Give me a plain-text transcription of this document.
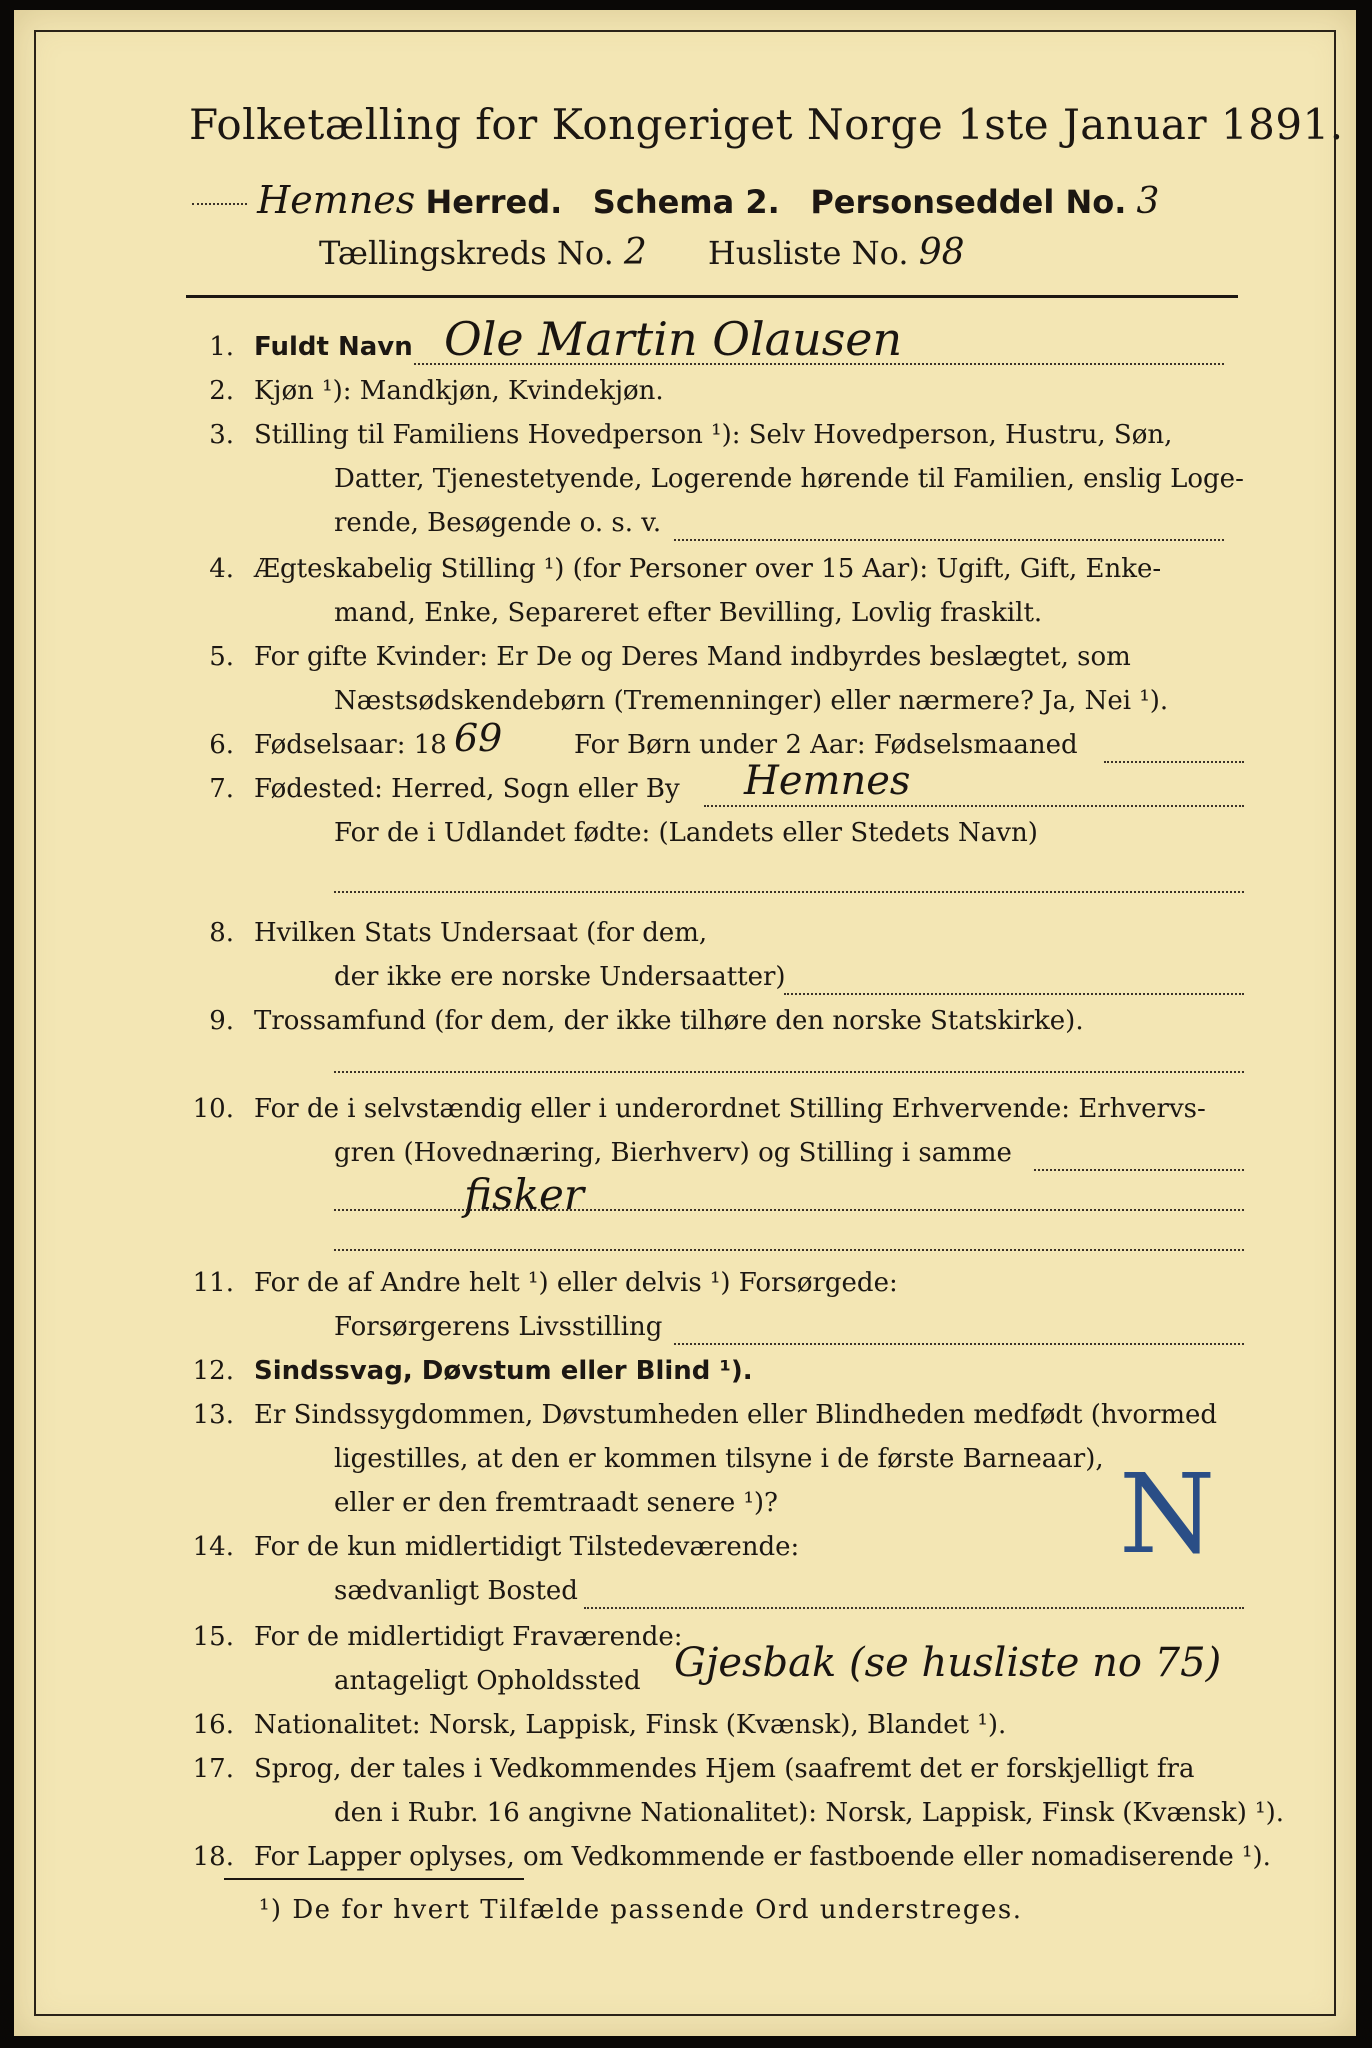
Folketælling for Kongeriget Norge 1ste Januar 1891.
Hemnes Herred. Schema 2. Personseddel No. 3
Tællingskreds No. 2 Husliste No. 98
1. Fuldt Navn Ole Martin Olausen
2. Kjøn ¹): Mandkjøn, Kvindekjøn.
3. Stilling til Familiens Hovedperson ¹): Selv Hovedperson, Hustru, Søn,
Datter, Tjenestetyende, Logerende hørende til Familien, enslig Loge-
rende, Besøgende o. s. v.
4. Ægteskabelig Stilling ¹) (for Personer over 15 Aar): Ugift, Gift, Enke-
mand, Enke, Separeret efter Bevilling, Lovlig fraskilt.
5. For gifte Kvinder: Er De og Deres Mand indbyrdes beslægtet, som
Næstsødskendebørn (Tremenninger) eller nærmere? Ja, Nei ¹).
6. Fødselsaar: 18 69	For Børn under 2 Aar: Fødselsmaaned
7. Fødested: Herred, Sogn eller By Hemnes
For de i Udlandet fødte: (Landets eller Stedets Navn)
8. Hvilken Stats Undersaat (for dem,
der ikke ere norske Undersaatter)
9. Trossamfund (for dem, der ikke tilhøre den norske Statskirke).
10. For de i selvstændig eller i underordnet Stilling Erhvervende: Erhvervs-
gren (Hovednæring, Bierhverv) og Stilling i samme
fisker
11. For de af Andre helt ¹) eller delvis ¹) Forsørgede:
Forsørgerens Livsstilling
12. Sindssvag, Døvstum eller Blind ¹).
13. Er Sindssygdommen, Døvstumheden eller Blindheden medfødt (hvormed
ligestilles, at den er kommen tilsyne i de første Barneaar),
eller er den fremtraadt senere ¹)?	N
14. For de kun midlertidigt Tilstedeværende:
sædvanligt Bosted
15. For de midlertidigt Fraværende:
antageligt Opholdssted Gjesbak (se husliste no 75)
16. Nationalitet: Norsk, Lappisk, Finsk (Kvænsk), Blandet ¹).
17. Sprog, der tales i Vedkommendes Hjem (saafremt det er forskjelligt fra
den i Rubr. 16 angivne Nationalitet): Norsk, Lappisk, Finsk (Kvænsk) ¹).
18. For Lapper oplyses, om Vedkommende er fastboende eller nomadiserende ¹).
¹) De for hvert Tilfælde passende Ord understreges.
